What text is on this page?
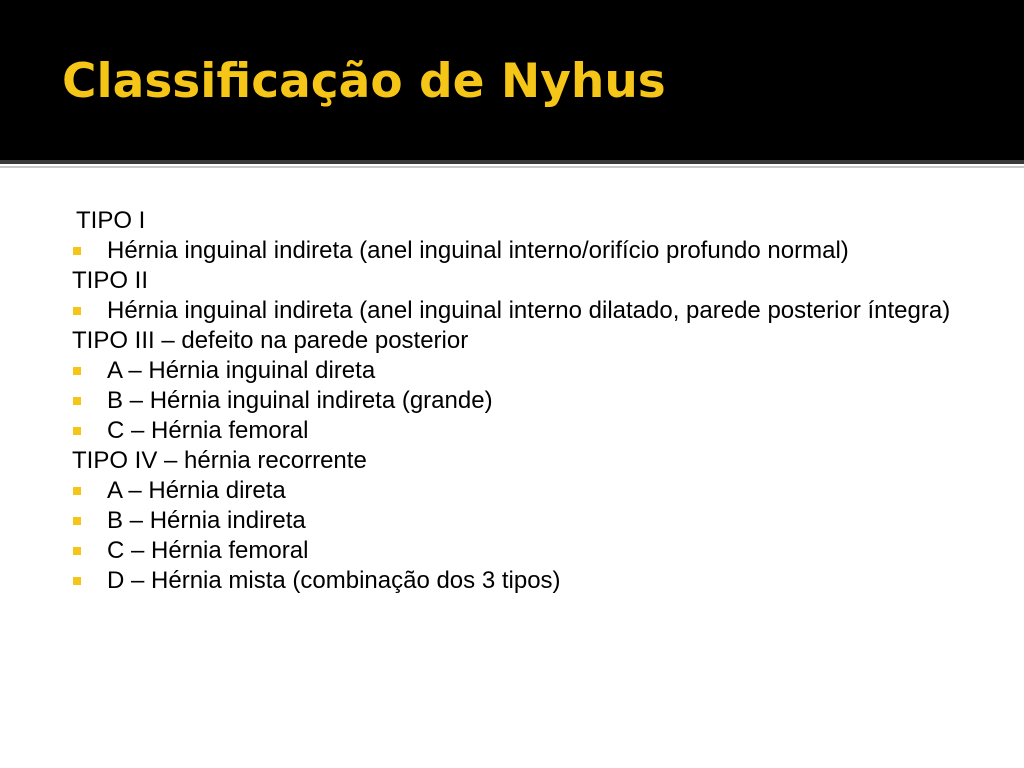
Classificação de Nyhus
TIPO I
Hérnia inguinal indireta (anel inguinal interno/orifício profundo normal)
TIPO II
Hérnia inguinal indireta (anel inguinal interno dilatado, parede posterior íntegra)
TIPO III – defeito na parede posterior
A – Hérnia inguinal direta
B – Hérnia inguinal indireta (grande)
C – Hérnia femoral
TIPO IV – hérnia recorrente
A – Hérnia direta
B – Hérnia indireta
C – Hérnia femoral
D – Hérnia mista (combinação dos 3 tipos)
